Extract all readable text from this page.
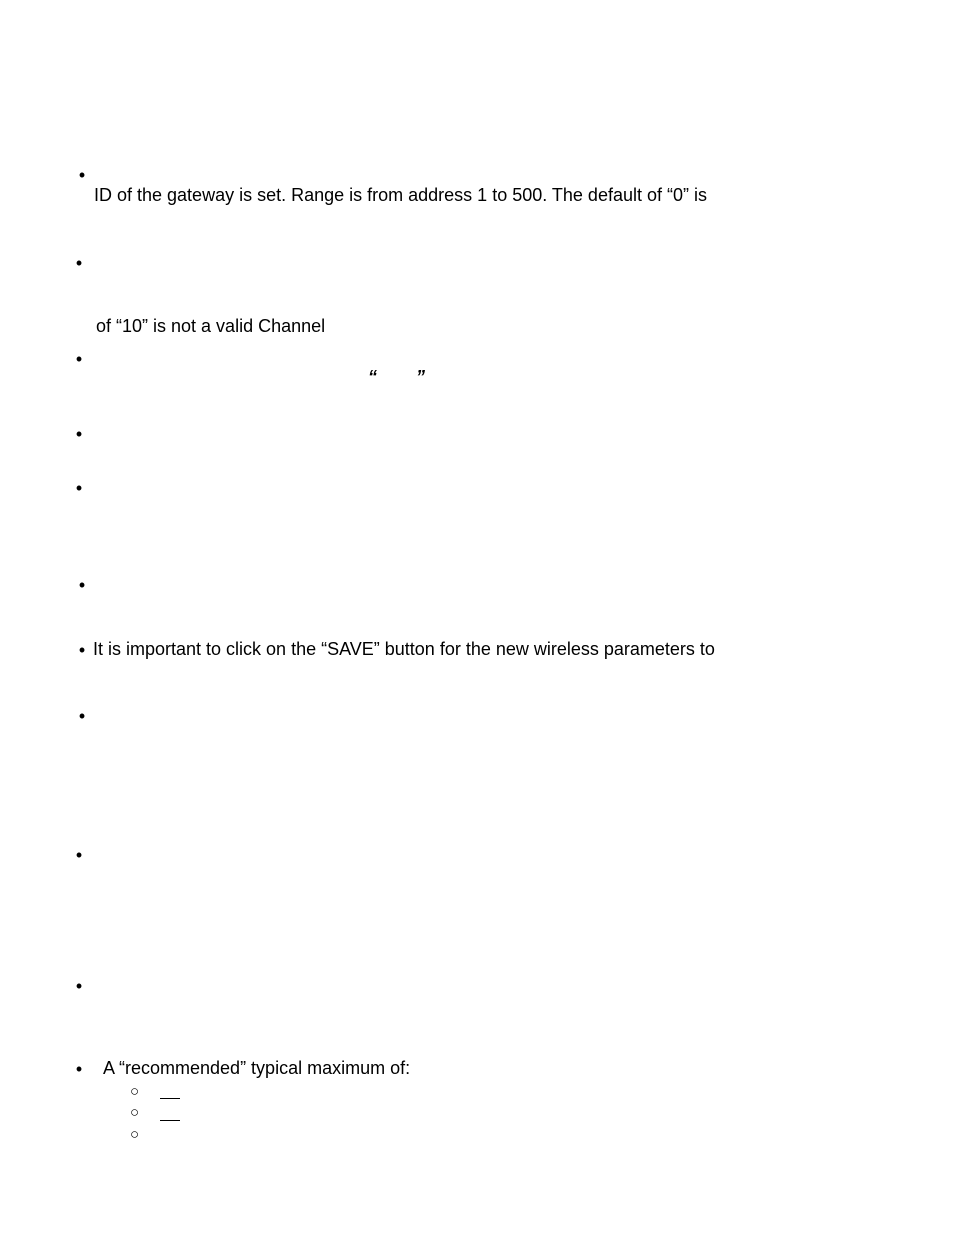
•
ID of the gateway is set. Range is from address 1 to 500. The default of “0” is
•
of “10” is not a valid Channel
•
“ ”
•
•
•
• It is important to click on the “SAVE” button for the new wireless parameters to
•
•
•
• A “recommended” typical maximum of:
○
○
○
